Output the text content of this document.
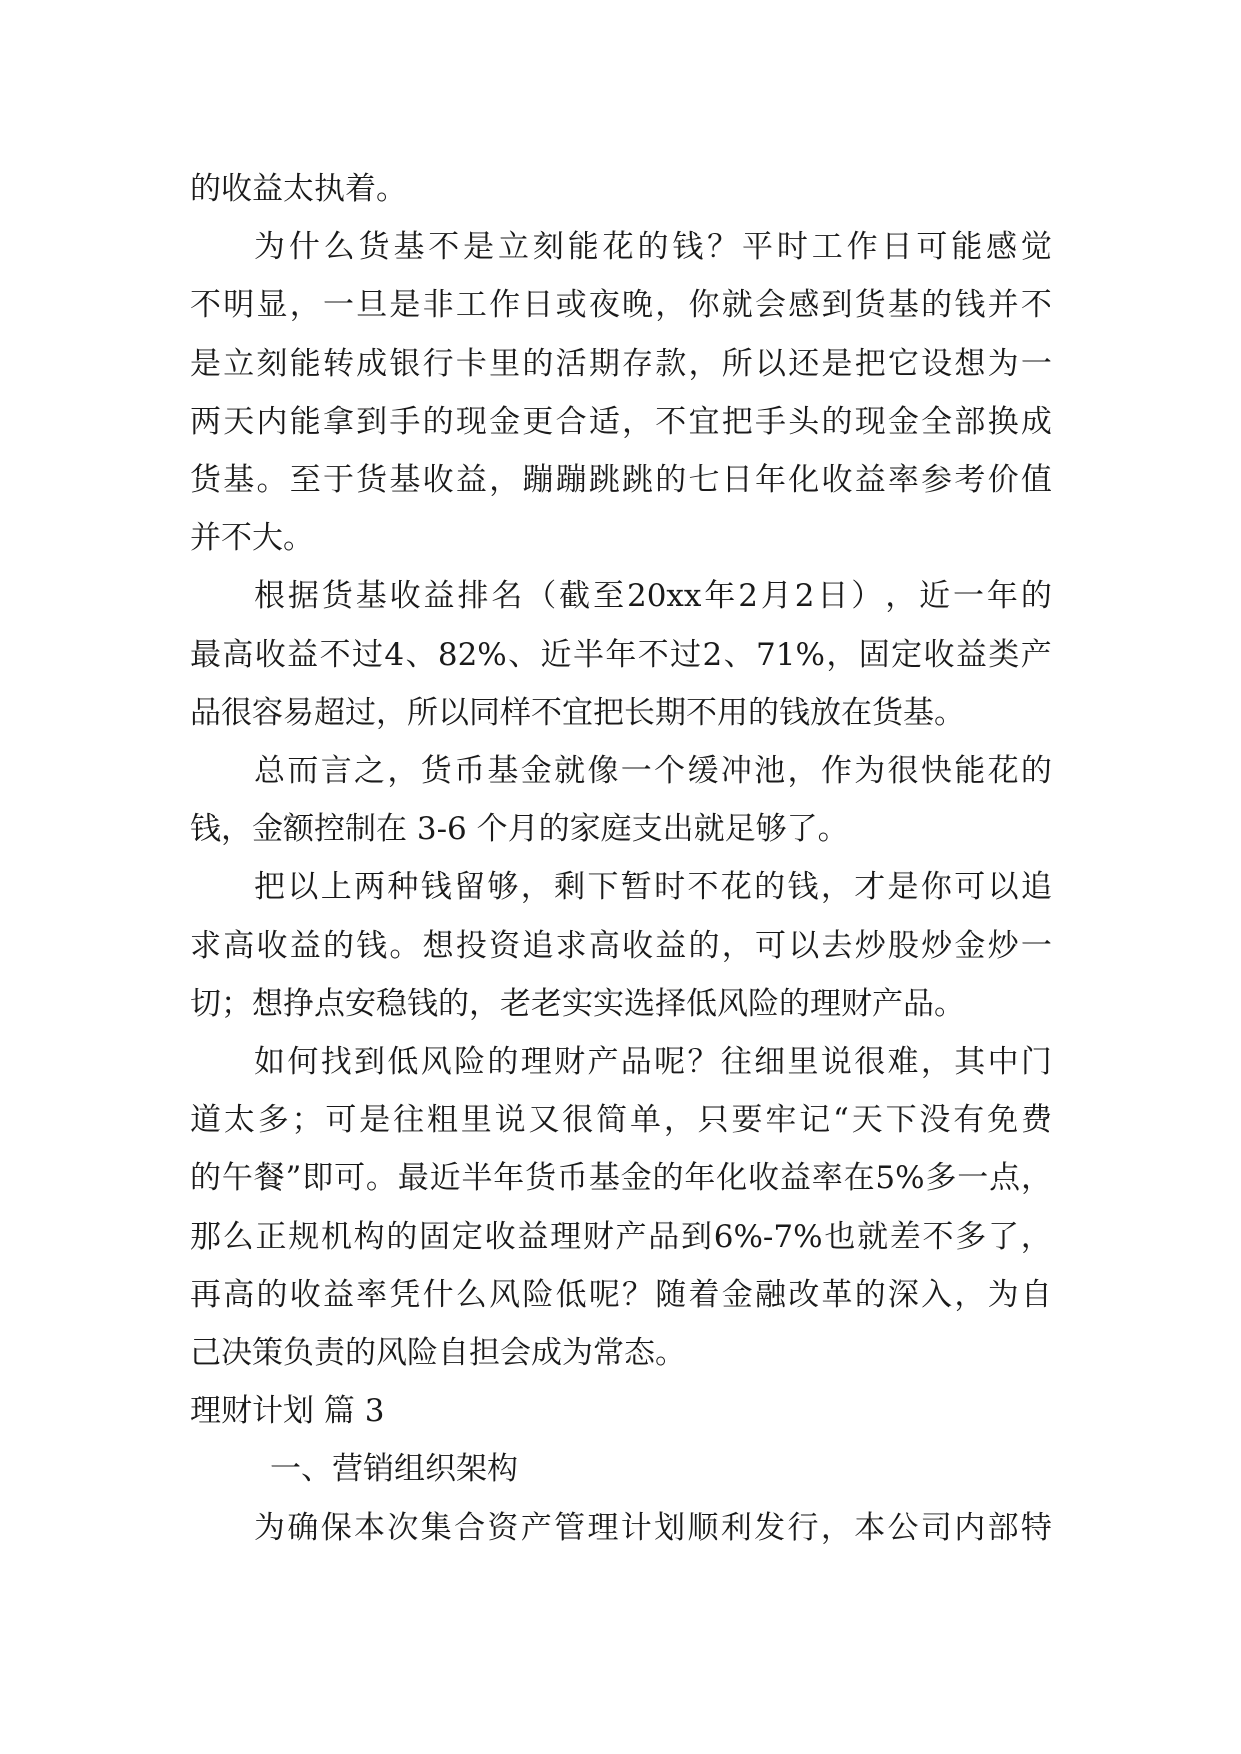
的收益太执着。
为 什 么 货 基 不 是 立 刻 能 花 的 钱 ？ 平 时 工 作 日 可 能 感 觉
不 明 显 ， 一 旦 是 非 工 作 日 或 夜 晚 ， 你 就 会 感 到 货 基 的 钱 并 不
是 立 刻 能 转 成 银 行 卡 里 的 活 期 存 款 ， 所 以 还 是 把 它 设 想 为 一
两 天 内 能 拿 到 手 的 现 金 更 合 适 ， 不 宜 把 手 头 的 现 金 全 部 换 成
货 基 。 至 于 货 基 收 益 ， 蹦 蹦 跳 跳 的 七 日 年 化 收 益 率 参 考 价 值
并不大。
根 据 货 基 收 益 排 名 （ 截 至 20xx 年 2 月 2 日 ） ， 近 一 年 的
最 高 收 益 不 过 4 、 82% 、 近 半 年 不 过 2 、 71% ， 固 定 收 益 类 产
品很容易超过，所以同样不宜把长期不用的钱放在货基。
总 而 言 之 ， 货 币 基 金 就 像 一 个 缓 冲 池 ， 作 为 很 快 能 花 的
钱，金额控制在 3-6 个月的家庭支出就足够了。
把 以 上 两 种 钱 留 够 ， 剩 下 暂 时 不 花 的 钱 ， 才 是 你 可 以 追
求 高 收 益 的 钱 。 想 投 资 追 求 高 收 益 的 ， 可 以 去 炒 股 炒 金 炒 一
切；想挣点安稳钱的，老老实实选择低风险的理财产品。
如 何 找 到 低 风 险 的 理 财 产 品 呢 ？ 往 细 里 说 很 难 ， 其 中 门
道 太 多 ； 可 是 往 粗 里 说 又 很 简 单 ， 只 要 牢 记 “ 天 下 没 有 免 费
的 午 餐 ” 即 可 。 最 近 半 年 货 币 基 金 的 年 化 收 益 率 在 5% 多 一 点 ，
那 么 正 规 机 构 的 固 定 收 益 理 财 产 品 到 6%-7% 也 就 差 不 多 了 ，
再 高 的 收 益 率 凭 什 么 风 险 低 呢 ？ 随 着 金 融 改 革 的 深 入 ， 为 自
己决策负责的风险自担会成为常态。
理财计划 篇 3
一、营销组织架构
为 确 保 本 次 集 合 资 产 管 理 计 划 顺 利 发 行 ， 本 公 司 内 部 特
